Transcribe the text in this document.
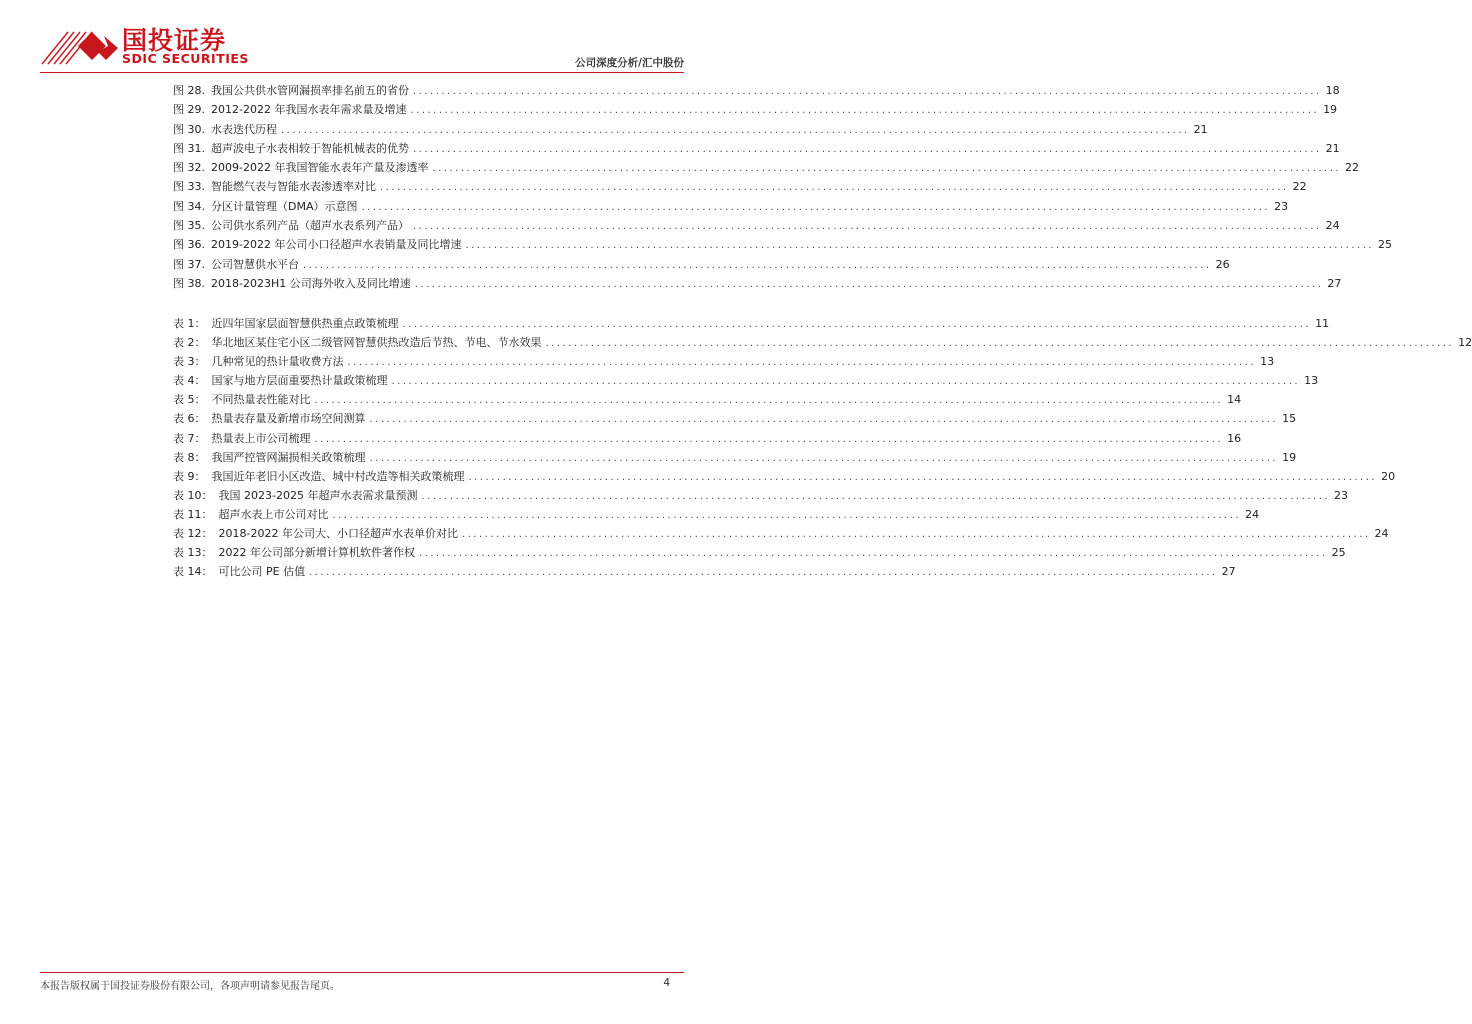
国投证券
SDIC SECURITIES	公司深度分析/汇中股份
图 28. 我国公共供水管网漏损率排名前五的省份 ................................................................................................................................................................ 18
图 29. 2012-2022 年我国水表年需求量及增速 ................................................................................................................................................................ 19
图 30. 水表迭代历程 ................................................................................................................................................................ 21
图 31. 超声波电子水表相较于智能机械表的优势 ................................................................................................................................................................ 21
图 32. 2009-2022 年我国智能水表年产量及渗透率 ................................................................................................................................................................ 22
图 33. 智能燃气表与智能水表渗透率对比 ................................................................................................................................................................ 22
图 34. 分区计量管理（DMA）示意图 ................................................................................................................................................................ 23
图 35. 公司供水系列产品（超声水表系列产品） ................................................................................................................................................................ 24
图 36. 2019-2022 年公司小口径超声水表销量及同比增速 ................................................................................................................................................................ 25
图 37. 公司智慧供水平台 ................................................................................................................................................................ 26
图 38. 2018-2023H1 公司海外收入及同比增速 ................................................................................................................................................................ 27
表 1： 近四年国家层面智慧供热重点政策梳理 ................................................................................................................................................................ 11
表 2： 华北地区某住宅小区二级管网智慧供热改造后节热、节电、节水效果 ................................................................................................................................................................ 12
表 3： 几种常见的热计量收费方法 ................................................................................................................................................................ 13
表 4： 国家与地方层面重要热计量政策梳理 ................................................................................................................................................................ 13
表 5： 不同热量表性能对比 ................................................................................................................................................................ 14
表 6： 热量表存量及新增市场空间测算 ................................................................................................................................................................ 15
表 7： 热量表上市公司梳理 ................................................................................................................................................................ 16
表 8： 我国严控管网漏损相关政策梳理 ................................................................................................................................................................ 19
表 9： 我国近年老旧小区改造、城中村改造等相关政策梳理 ................................................................................................................................................................ 20
表 10： 我国 2023-2025 年超声水表需求量预测 ................................................................................................................................................................ 23
表 11： 超声水表上市公司对比 ................................................................................................................................................................ 24
表 12： 2018-2022 年公司大、小口径超声水表单价对比 ................................................................................................................................................................ 24
表 13： 2022 年公司部分新增计算机软件著作权 ................................................................................................................................................................ 25
表 14： 可比公司 PE 估值 ................................................................................................................................................................ 27
本报告版权属于国投证券股份有限公司，各项声明请参见报告尾页。	4
